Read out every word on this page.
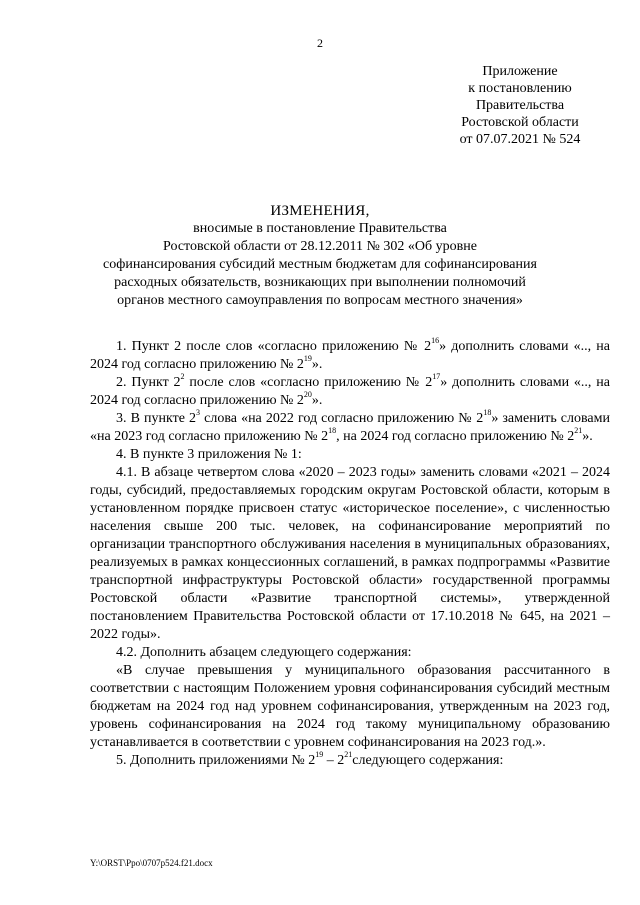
2
Приложение
к постановлению
Правительства
Ростовской области
от 07.07.2021 № 524
ИЗМЕНЕНИЯ,
вносимые в постановление Правительства
Ростовской области от 28.12.2011 № 302 «Об уровне
софинансирования субсидий местным бюджетам для софинансирования
расходных обязательств, возникающих при выполнении полномочий
органов местного самоуправления по вопросам местного значения»

1. Пункт 2 после слов «согласно приложению № $2^{16}$» дополнить словами «.., на 2024 год согласно приложению № $2^{19}$».

2. Пункт $2^2$ после слов «согласно приложению № $2^{17}$» дополнить словами «.., на 2024 год согласно приложению № $2^{20}$».

3. В пункте $2^3$ слова «на 2022 год согласно приложению № $2^{18}$» заменить словами «на 2023 год согласно приложению № $2^{18}$, на 2024 год согласно приложению № $2^{21}$».

4. В пункте 3 приложения № 1:

4.1. В абзаце четвертом слова «2020 – 2023 годы» заменить словами «2021 – 2024 годы, субсидий, предоставляемых городским округам Ростовской области, которым в установленном порядке присвоен статус «историческое поселение», с численностью населения свыше 200 тыс. человек, на софинансирование мероприятий по организации транспортного обслуживания населения в муниципальных образованиях, реализуемых в рамках концессионных соглашений, в рамках подпрограммы «Развитие транспортной инфраструктуры Ростовской области» государственной программы Ростовской области «Развитие транспортной системы», утвержденной постановлением Правительства Ростовской области от 17.10.2018 № 645, на 2021 – 2022 годы».

4.2. Дополнить абзацем следующего содержания:

«В случае превышения у муниципального образования рассчитанного в соответствии с настоящим Положением уровня софинансирования субсидий местным бюджетам на 2024 год над уровнем софинансирования, утвержденным на 2023 год, уровень софинансирования на 2024 год такому муниципальному образованию устанавливается в соответствии с уровнем софинансирования на 2023 год.».

5. Дополнить приложениями № $2^{19}$ – $2^{21}следующего$ содержания:

Y:\ORST\Ppo\0707p524.f21.docx
